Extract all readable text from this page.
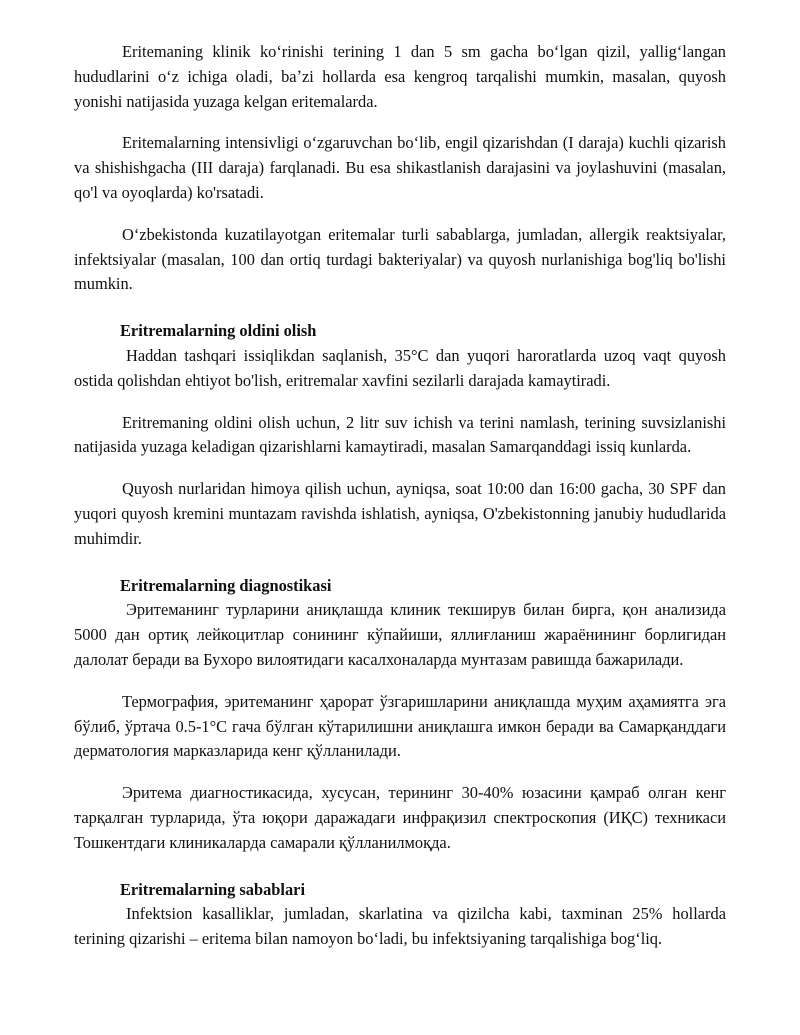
Eritemaning klinik koʻrinishi terining 1 dan 5 sm gacha boʻlgan qizil, yalligʻlangan hududlarini oʻz ichiga oladi, baʼzi hollarda esa kengroq tarqalishi mumkin, masalan, quyosh yonishi natijasida yuzaga kelgan eritemalarda.

Eritemalarning intensivligi oʻzgaruvchan boʻlib, engil qizarishdan (I daraja) kuchli qizarish va shishishgacha (III daraja) farqlanadi. Bu esa shikastlanish darajasini va joylashuvini (masalan, qo'l va oyoqlarda) ko'rsatadi.

Oʻzbekistonda kuzatilayotgan eritemalar turli sabablarga, jumladan, allergik reaktsiyalar, infektsiyalar (masalan, 100 dan ortiq turdagi bakteriyalar) va quyosh nurlanishiga bog'liq bo'lishi mumkin.

Eritremalarning oldini olish

Haddan tashqari issiqlikdan saqlanish, 35°C dan yuqori haroratlarda uzoq vaqt quyosh ostida qolishdan ehtiyot bo'lish, eritremalar xavfini sezilarli darajada kamaytiradi.

Eritremaning oldini olish uchun, 2 litr suv ichish va terini namlash, terining suvsizlanishi natijasida yuzaga keladigan qizarishlarni kamaytiradi, masalan Samarqanddagi issiq kunlarda.

Quyosh nurlaridan himoya qilish uchun, ayniqsa, soat 10:00 dan 16:00 gacha, 30 SPF dan yuqori quyosh kremini muntazam ravishda ishlatish, ayniqsa, O'zbekistonning janubiy hududlarida muhimdir.

Eritremalarning diagnostikasi

Эритеманинг турларини аниқлашда клиник текширув билан бирга, қон анализида 5000 дан ортиқ лейкоцитлар сонининг кўпайиши, яллиғланиш жараёнининг борлигидан далолат беради ва Бухоро вилоятидаги касалхоналарда мунтазам равишда бажарилади.

Термография, эритеманинг ҳарорат ўзгаришларини аниқлашда муҳим аҳамиятга эга бўлиб, ўртача 0.5-1°C гача бўлган кўтарилишни аниқлашга имкон беради ва Самарқанддаги дерматология марказларида кенг қўлланилади.

Эритема диагностикасида, хусусан, терининг 30-40% юзасини қамраб олган кенг тарқалган турларида, ўта юқори даражадаги инфрақизил спектроскопия (ИҚС) техникаси Тошкентдаги клиникаларда самарали қўлланилмоқда.

Eritremalarning sabablari

Infektsion kasalliklar, jumladan, skarlatina va qizilcha kabi, taxminan 25% hollarda terining qizarishi – eritema bilan namoyon boʻladi, bu infektsiyaning tarqalishiga bogʻliq.
